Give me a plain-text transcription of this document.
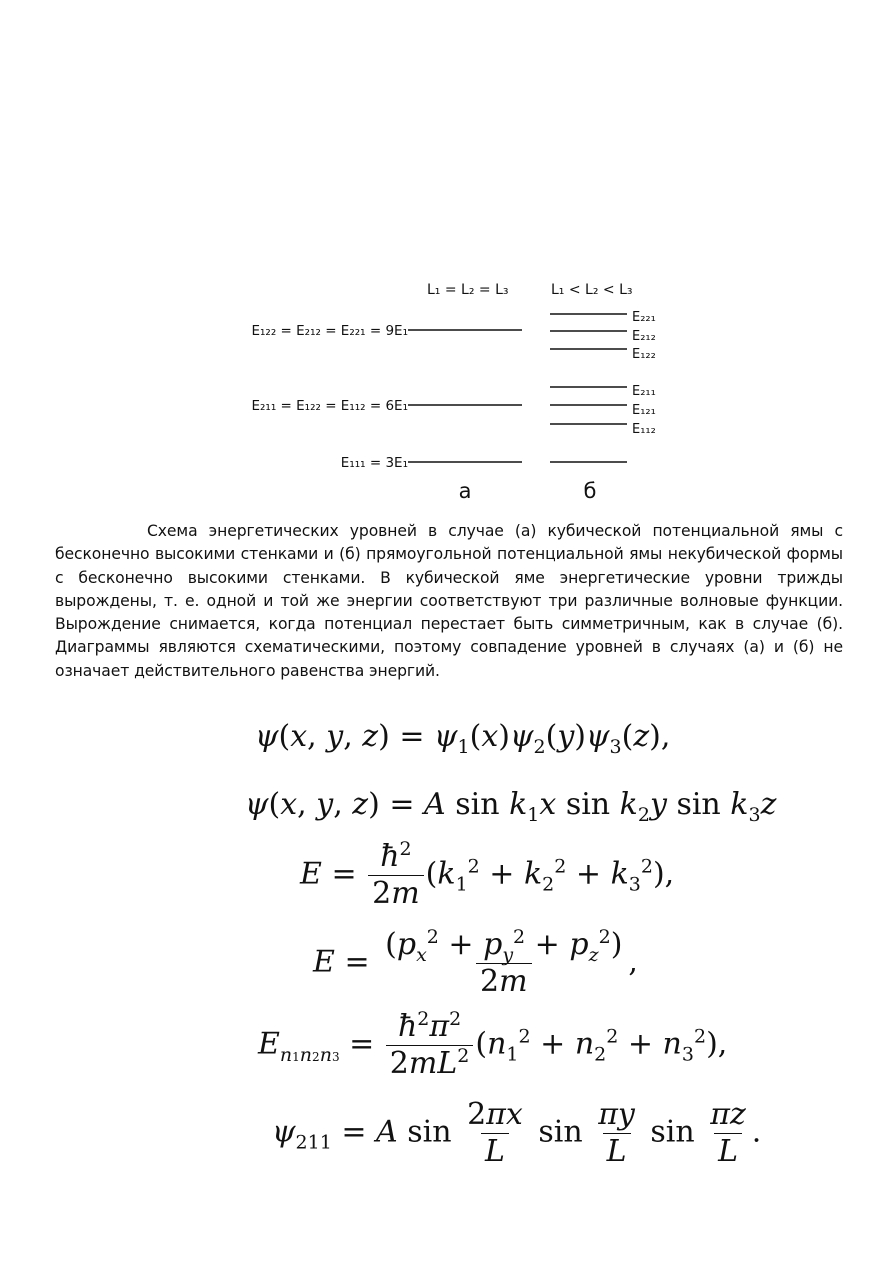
L₁ = L₂ = L₃	L₁ < L₂ < L₃
E₁₂₂ = E₂₁₂ = E₂₂₁ = 9E₁
E₂₁₁ = E₁₂₂ = E₁₁₂ = 6E₁
E₁₁₁ = 3E₁
E₂₂₁
E₂₁₂
E₁₂₂
E₂₁₁
E₁₂₁
E₁₁₂
а	б

Схема энергетических уровней в случае (а) кубической потенциальной ямы с бесконечно высокими стенками и (б) прямоугольной потенциальной ямы некубической формы с бесконечно высокими стенками. В кубической яме энергетические уровни трижды вырождены, т. е. одной и той же энергии соответствуют три различные волновые функции. Вырождение снимается, когда потенциал перестает быть симметричным, как в случае (б). Диаграммы являются схематическими, поэтому совпадение уровней в случаях (а) и (б) не означает действительного равенства энергий.

ψ(x, y, $z) = \psi_1(x)\psi_2(y)\psi_3(z)$,
ψ(x, y, z) = A $\sin k_1x$ $\sin k_2y$ $\sin k_3z$
$E = \frac{ħ^2}{2m} (k_1^2 + k_2^2 + k_3^2)$,
$E = \frac{(p_x^2 + p_y^2 + p_z^2)}{2m}$ ,
$E_{n1n2n3} = \frac{ħ^2\pi^2}{2mL^2} (n_1^2 + n_2^2 + n_3^2)$,
$\psi_{211} = A$ $\sin \frac{2\pi x}{L}$ $\sin \frac{\pi y}{L}$ $\sin \frac{\pi z}{L}$ .
